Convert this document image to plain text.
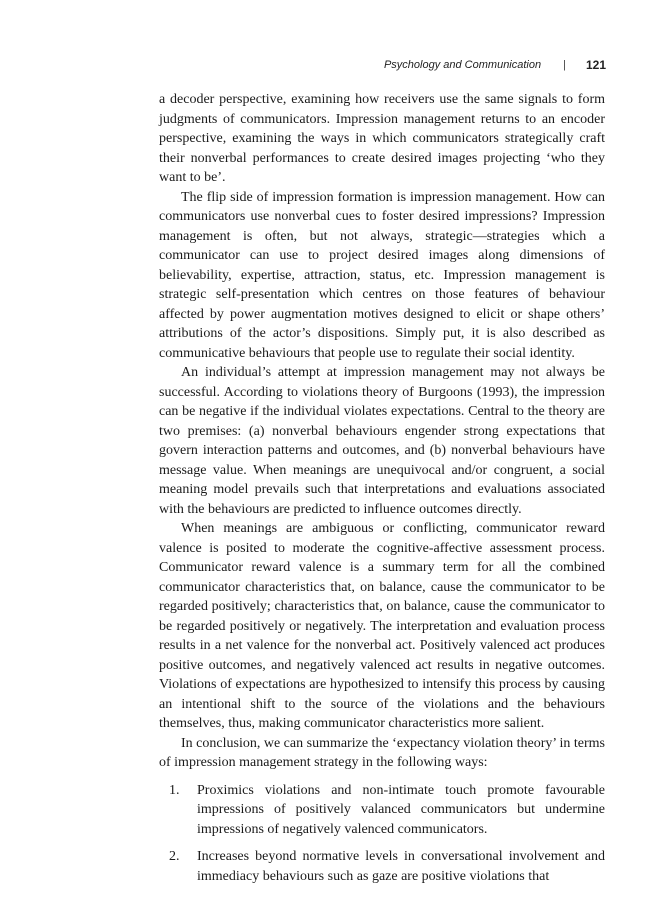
Psychology and Communication | 121

a decoder perspective, examining how receivers use the same signals to form judgments of communicators. Impression management returns to an encoder perspective, examining the ways in which communicators strategically craft their nonverbal performances to create desired images projecting ‘who they want to be’.

The flip side of impression formation is impression management. How can communicators use nonverbal cues to foster desired impressions? Impression management is often, but not always, strategic—strategies which a communicator can use to project desired images along dimensions of believability, expertise, attraction, status, etc. Impression management is strategic self-presentation which centres on those features of behaviour affected by power augmentation motives designed to elicit or shape others’ attributions of the actor’s dispositions. Simply put, it is also described as communicative behaviours that people use to regulate their social identity.

An individual’s attempt at impression management may not always be successful. According to violations theory of Burgoons (1993), the impression can be negative if the individual violates expectations. Central to the theory are two premises: (a) nonverbal behaviours engender strong expectations that govern interaction patterns and outcomes, and (b) nonverbal behaviours have message value. When meanings are unequivocal and/or congruent, a social meaning model prevails such that interpretations and evaluations associated with the behaviours are predicted to influence outcomes directly.

When meanings are ambiguous or conflicting, communicator reward valence is posited to moderate the cognitive-affective assessment process. Communicator reward valence is a summary term for all the combined communicator characteristics that, on balance, cause the communicator to be regarded positively; characteristics that, on balance, cause the communicator to be regarded positively or negatively. The interpretation and evaluation process results in a net valence for the nonverbal act. Positively valenced act produces positive outcomes, and negatively valenced act results in negative outcomes. Violations of expectations are hypothesized to intensify this process by causing an intentional shift to the source of the violations and the behaviours themselves, thus, making communicator characteristics more salient.

In conclusion, we can summarize the ‘expectancy violation theory’ in terms of impression management strategy in the following ways:

1. Proximics violations and non-intimate touch promote favourable impressions of positively valanced communicators but undermine impressions of negatively valenced communicators.
2. Increases beyond normative levels in conversational involvement and immediacy behaviours such as gaze are positive violations that
